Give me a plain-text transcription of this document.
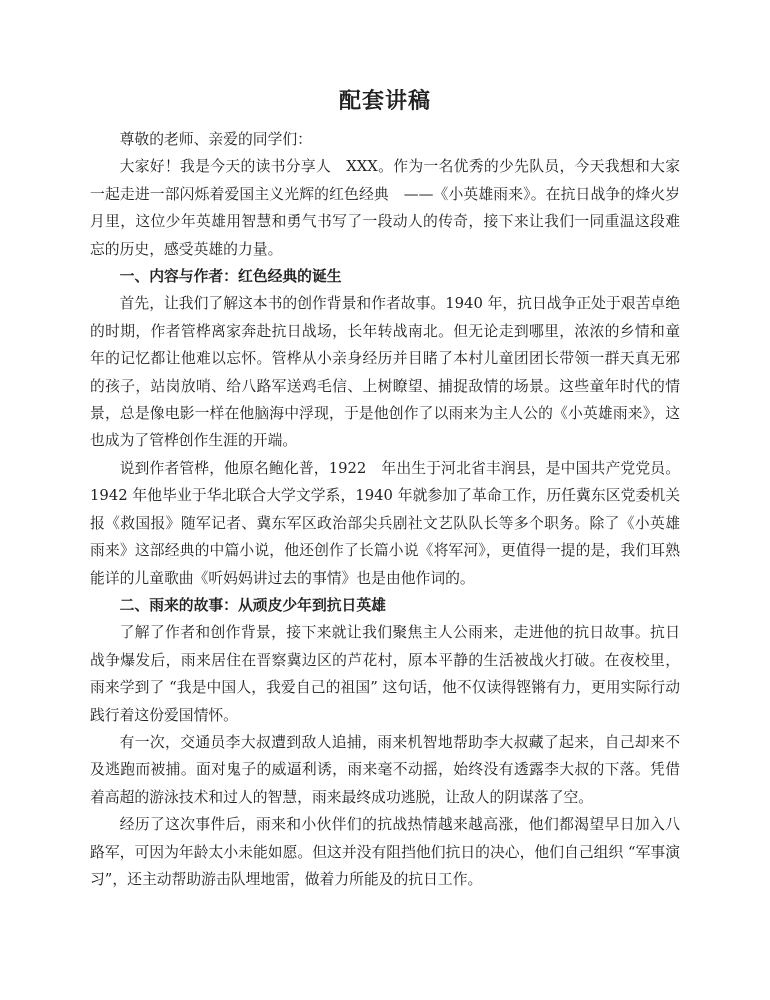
配套讲稿

尊敬的老师、亲爱的同学们：

大家好！我是今天的读书分享人　XXX。作为一名优秀的少先队员，今天我想和大家一起走进一部闪烁着爱国主义光辉的红色经典　——《小英雄雨来》。在抗日战争的烽火岁月里，这位少年英雄用智慧和勇气书写了一段动人的传奇，接下来让我们一同重温这段难忘的历史，感受英雄的力量。

一、内容与作者：红色经典的诞生

首先，让我们了解这本书的创作背景和作者故事。1940 年，抗日战争正处于艰苦卓绝的时期，作者管桦离家奔赴抗日战场，长年转战南北。但无论走到哪里，浓浓的乡情和童年的记忆都让他难以忘怀。管桦从小亲身经历并目睹了本村儿童团团长带领一群天真无邪的孩子，站岗放哨、给八路军送鸡毛信、上树瞭望、捕捉敌情的场景。这些童年时代的情景，总是像电影一样在他脑海中浮现，于是他创作了以雨来为主人公的《小英雄雨来》，这也成为了管桦创作生涯的开端。

说到作者管桦，他原名鲍化普，1922　年出生于河北省丰润县，是中国共产党党员。1942 年他毕业于华北联合大学文学系，1940 年就参加了革命工作，历任冀东区党委机关报《救国报》随军记者、冀东军区政治部尖兵剧社文艺队队长等多个职务。除了《小英雄雨来》这部经典的中篇小说，他还创作了长篇小说《将军河》，更值得一提的是，我们耳熟能详的儿童歌曲《听妈妈讲过去的事情》也是由他作词的。

二、雨来的故事：从顽皮少年到抗日英雄

了解了作者和创作背景，接下来就让我们聚焦主人公雨来，走进他的抗日故事。抗日战争爆发后，雨来居住在晋察冀边区的芦花村，原本平静的生活被战火打破。在夜校里，雨来学到了 “我是中国人，我爱自己的祖国” 这句话，他不仅读得铿锵有力，更用实际行动践行着这份爱国情怀。

有一次，交通员李大叔遭到敌人追捕，雨来机智地帮助李大叔藏了起来，自己却来不及逃跑而被捕。面对鬼子的威逼利诱，雨来毫不动摇，始终没有透露李大叔的下落。凭借着高超的游泳技术和过人的智慧，雨来最终成功逃脱，让敌人的阴谋落了空。

经历了这次事件后，雨来和小伙伴们的抗战热情越来越高涨，他们都渴望早日加入八路军，可因为年龄太小未能如愿。但这并没有阻挡他们抗日的决心，他们自己组织 “军事演习”，还主动帮助游击队埋地雷，做着力所能及的抗日工作。
